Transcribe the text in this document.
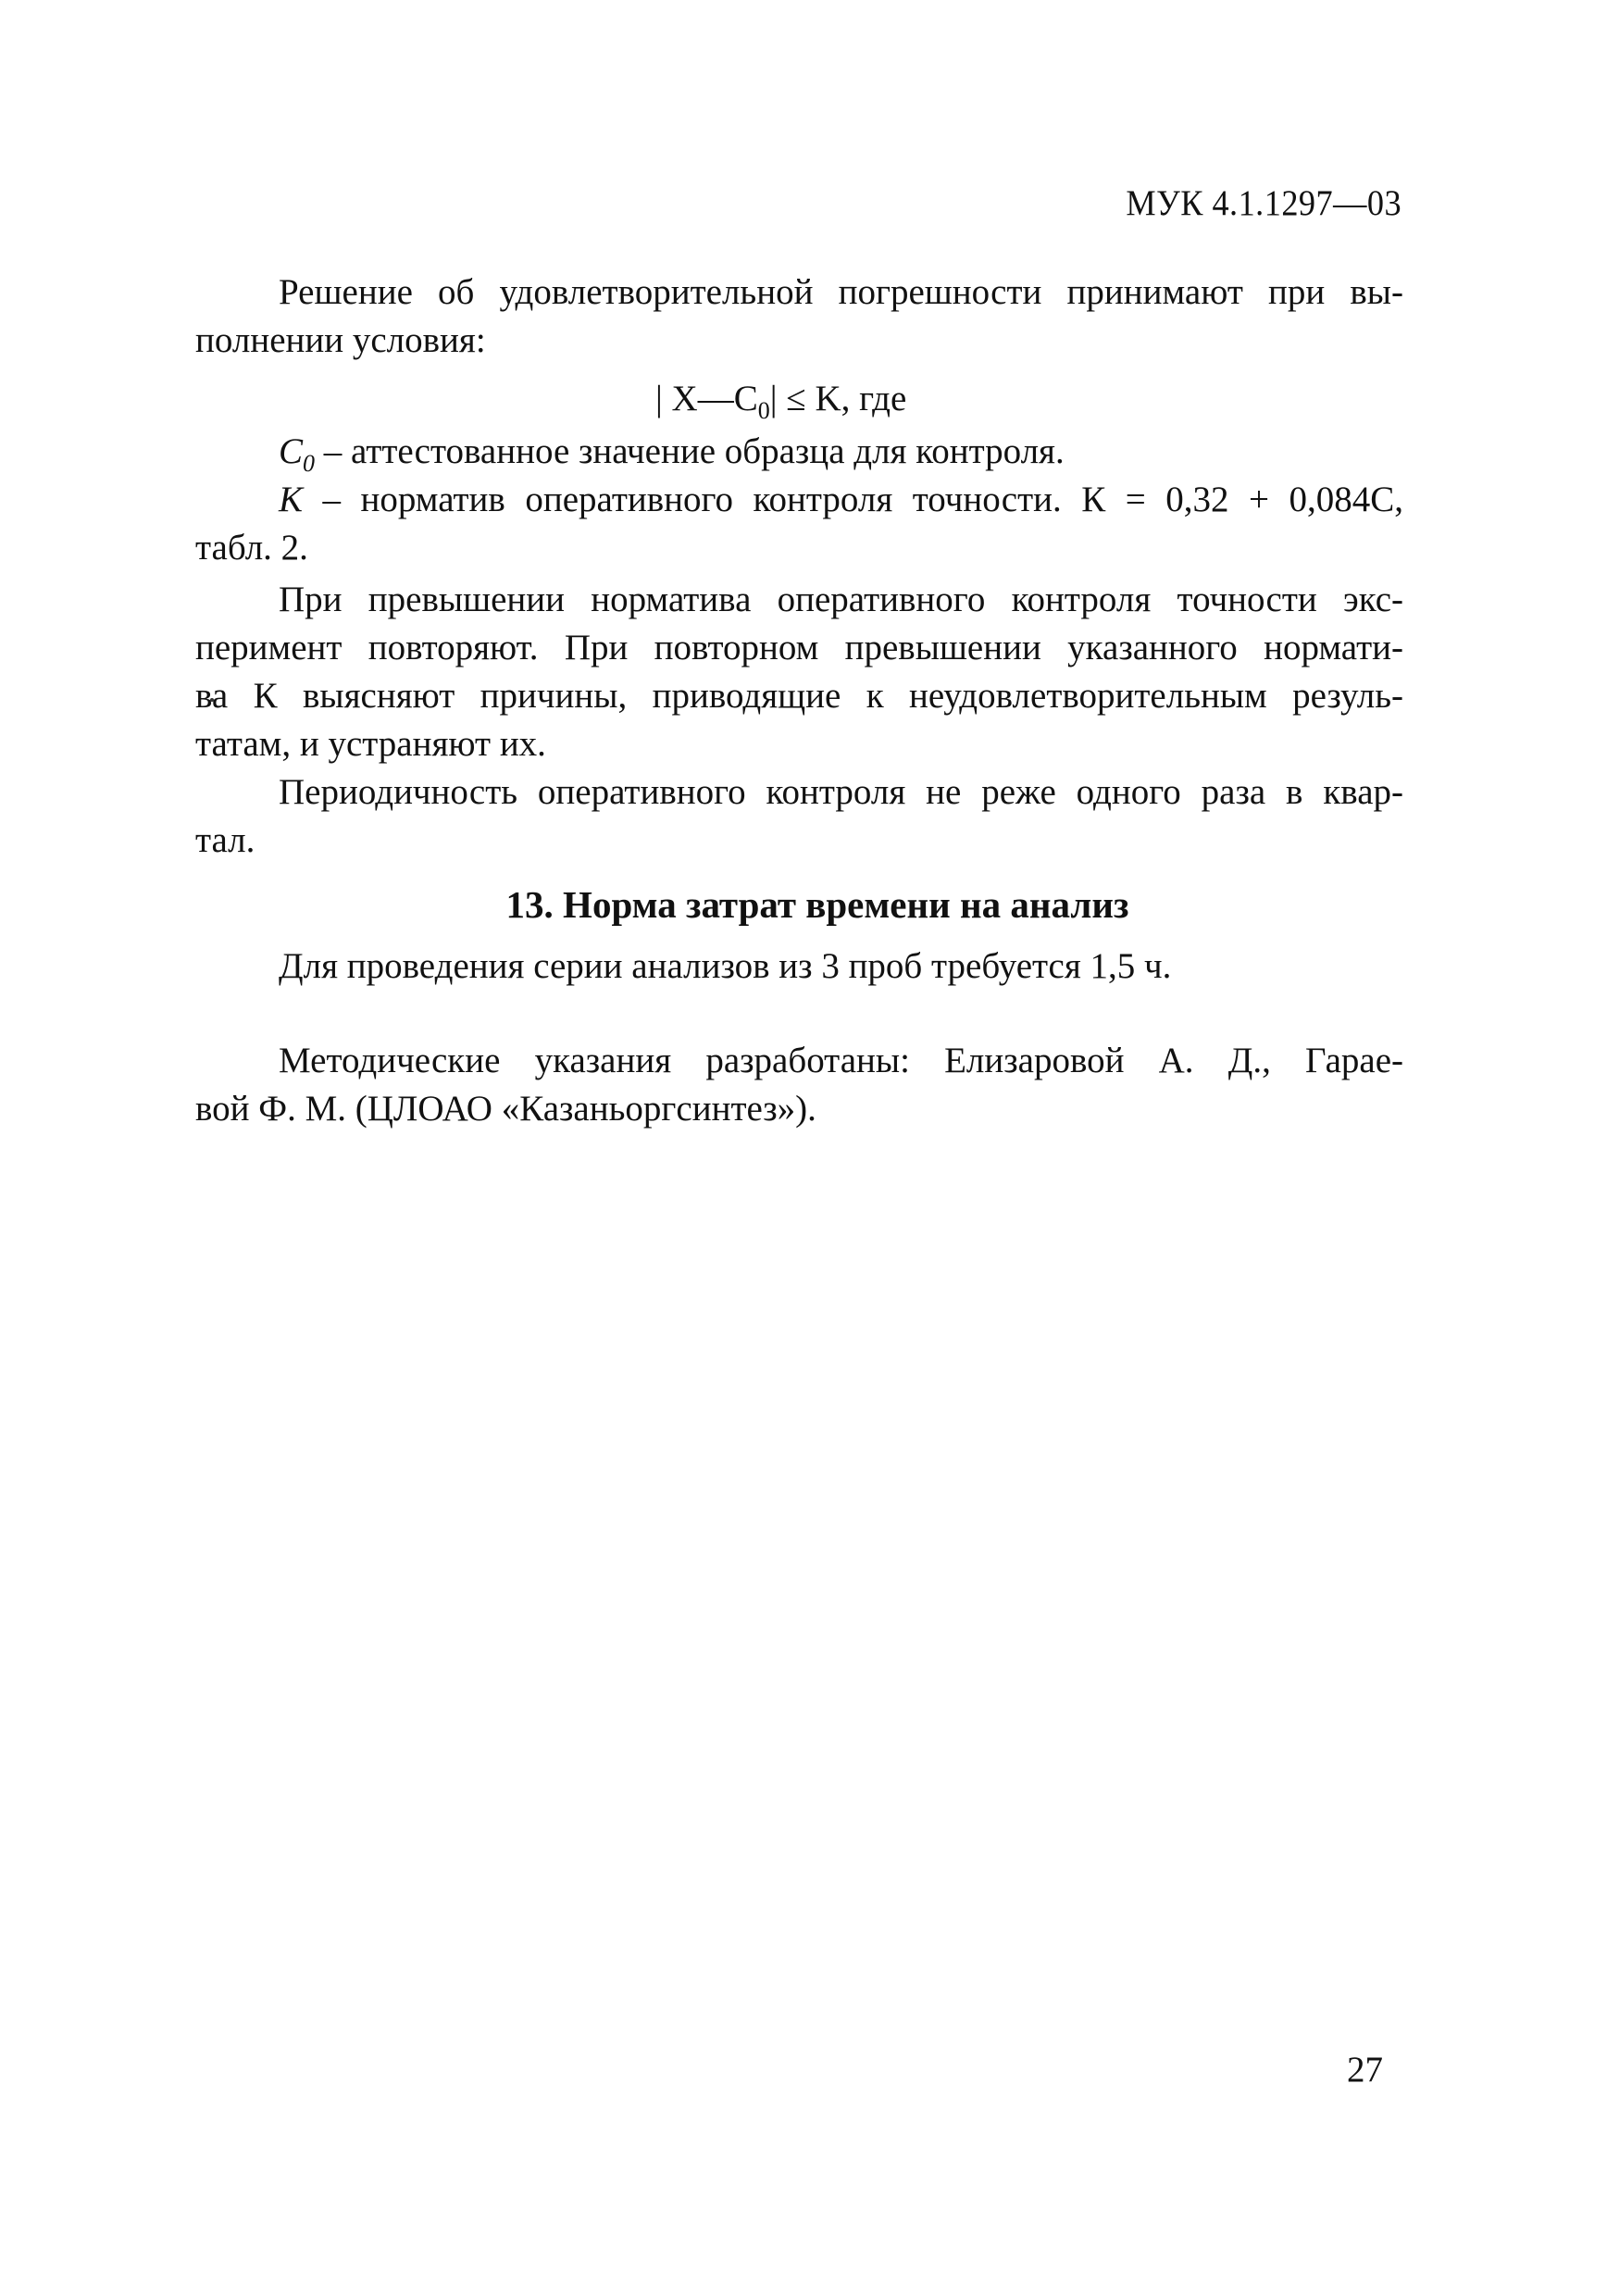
МУК 4.1.1297—03
Решение об удовлетворительной погрешности принимают при вы-
полнении условия:
| $X—C_0| \le K$, где
$C_0$ – аттестованное значение образца для контроля.
K – норматив оперативного контроля точности. К = 0,32 + 0,084С,
табл. 2.
При превышении норматива оперативного контроля точности экс-
перимент повторяют. При повторном превышении указанного нормати-
ва К выясняют причины, приводящие к неудовлетворительным резуль-
татам, и устраняют их.
Периодичность оперативного контроля не реже одного раза в квар-
тал.
13. Норма затрат времени на анализ
Для проведения серии анализов из 3 проб требуется 1,5 ч.
Методические указания разработаны: Елизаровой А. Д., Гарае-
вой Ф. М. (ЦЛОАО «Казаньоргсинтез»).
27
